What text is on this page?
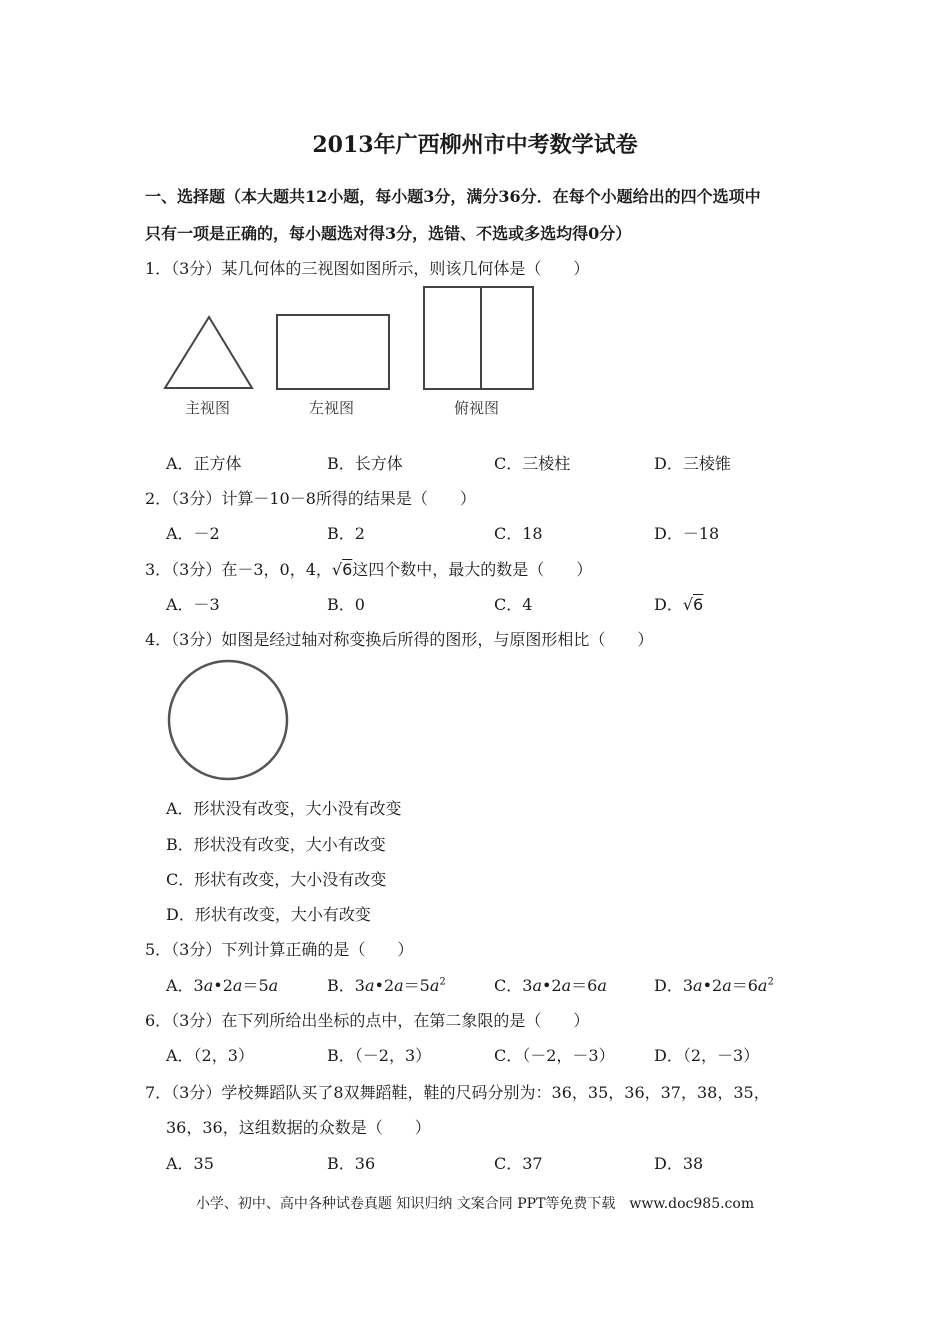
2013年广西柳州市中考数学试卷
一、选择题（本大题共12小题，每小题3分，满分36分．在每个小题给出的四个选项中
只有一项是正确的，每小题选对得3分，选错、不选或多选均得0分）
1．（3分）某几何体的三视图如图所示，则该几何体是（　　）
主视图	左视图	俯视图
A．正方体	B．长方体	C．三棱柱	D．三棱锥
2．（3分）计算－10－8所得的结果是（　　）
A．－2	B．2	C．18	D．－18
3．（3分）在－3，0，4，√6这四个数中，最大的数是（　　）
A．－3	B．0	C．4	D．√6
4．（3分）如图是经过轴对称变换后所得的图形，与原图形相比（　　）
A．形状没有改变，大小没有改变
B．形状没有改变，大小有改变
C．形状有改变，大小没有改变
D．形状有改变，大小有改变
5．（3分）下列计算正确的是（　　）
A．3a•2a＝5a	B．$3a•2a=5a^2$	C．3a•2a＝6a	D．$3a•2a=6a^2$
6．（3分）在下列所给出坐标的点中，在第二象限的是（　　）
A．（2，3）	B．（－2，3）	C．（－2，－3） D．（2，－3）
7．（3分）学校舞蹈队买了8双舞蹈鞋，鞋的尺码分别为：36，35，36，37，38，35，
36，36，这组数据的众数是（　　）
A．35	B．36	C．37	D．38
小学、初中、高中各种试卷真题 知识归纳 文案合同 PPT等免费下载　www.doc985.com
